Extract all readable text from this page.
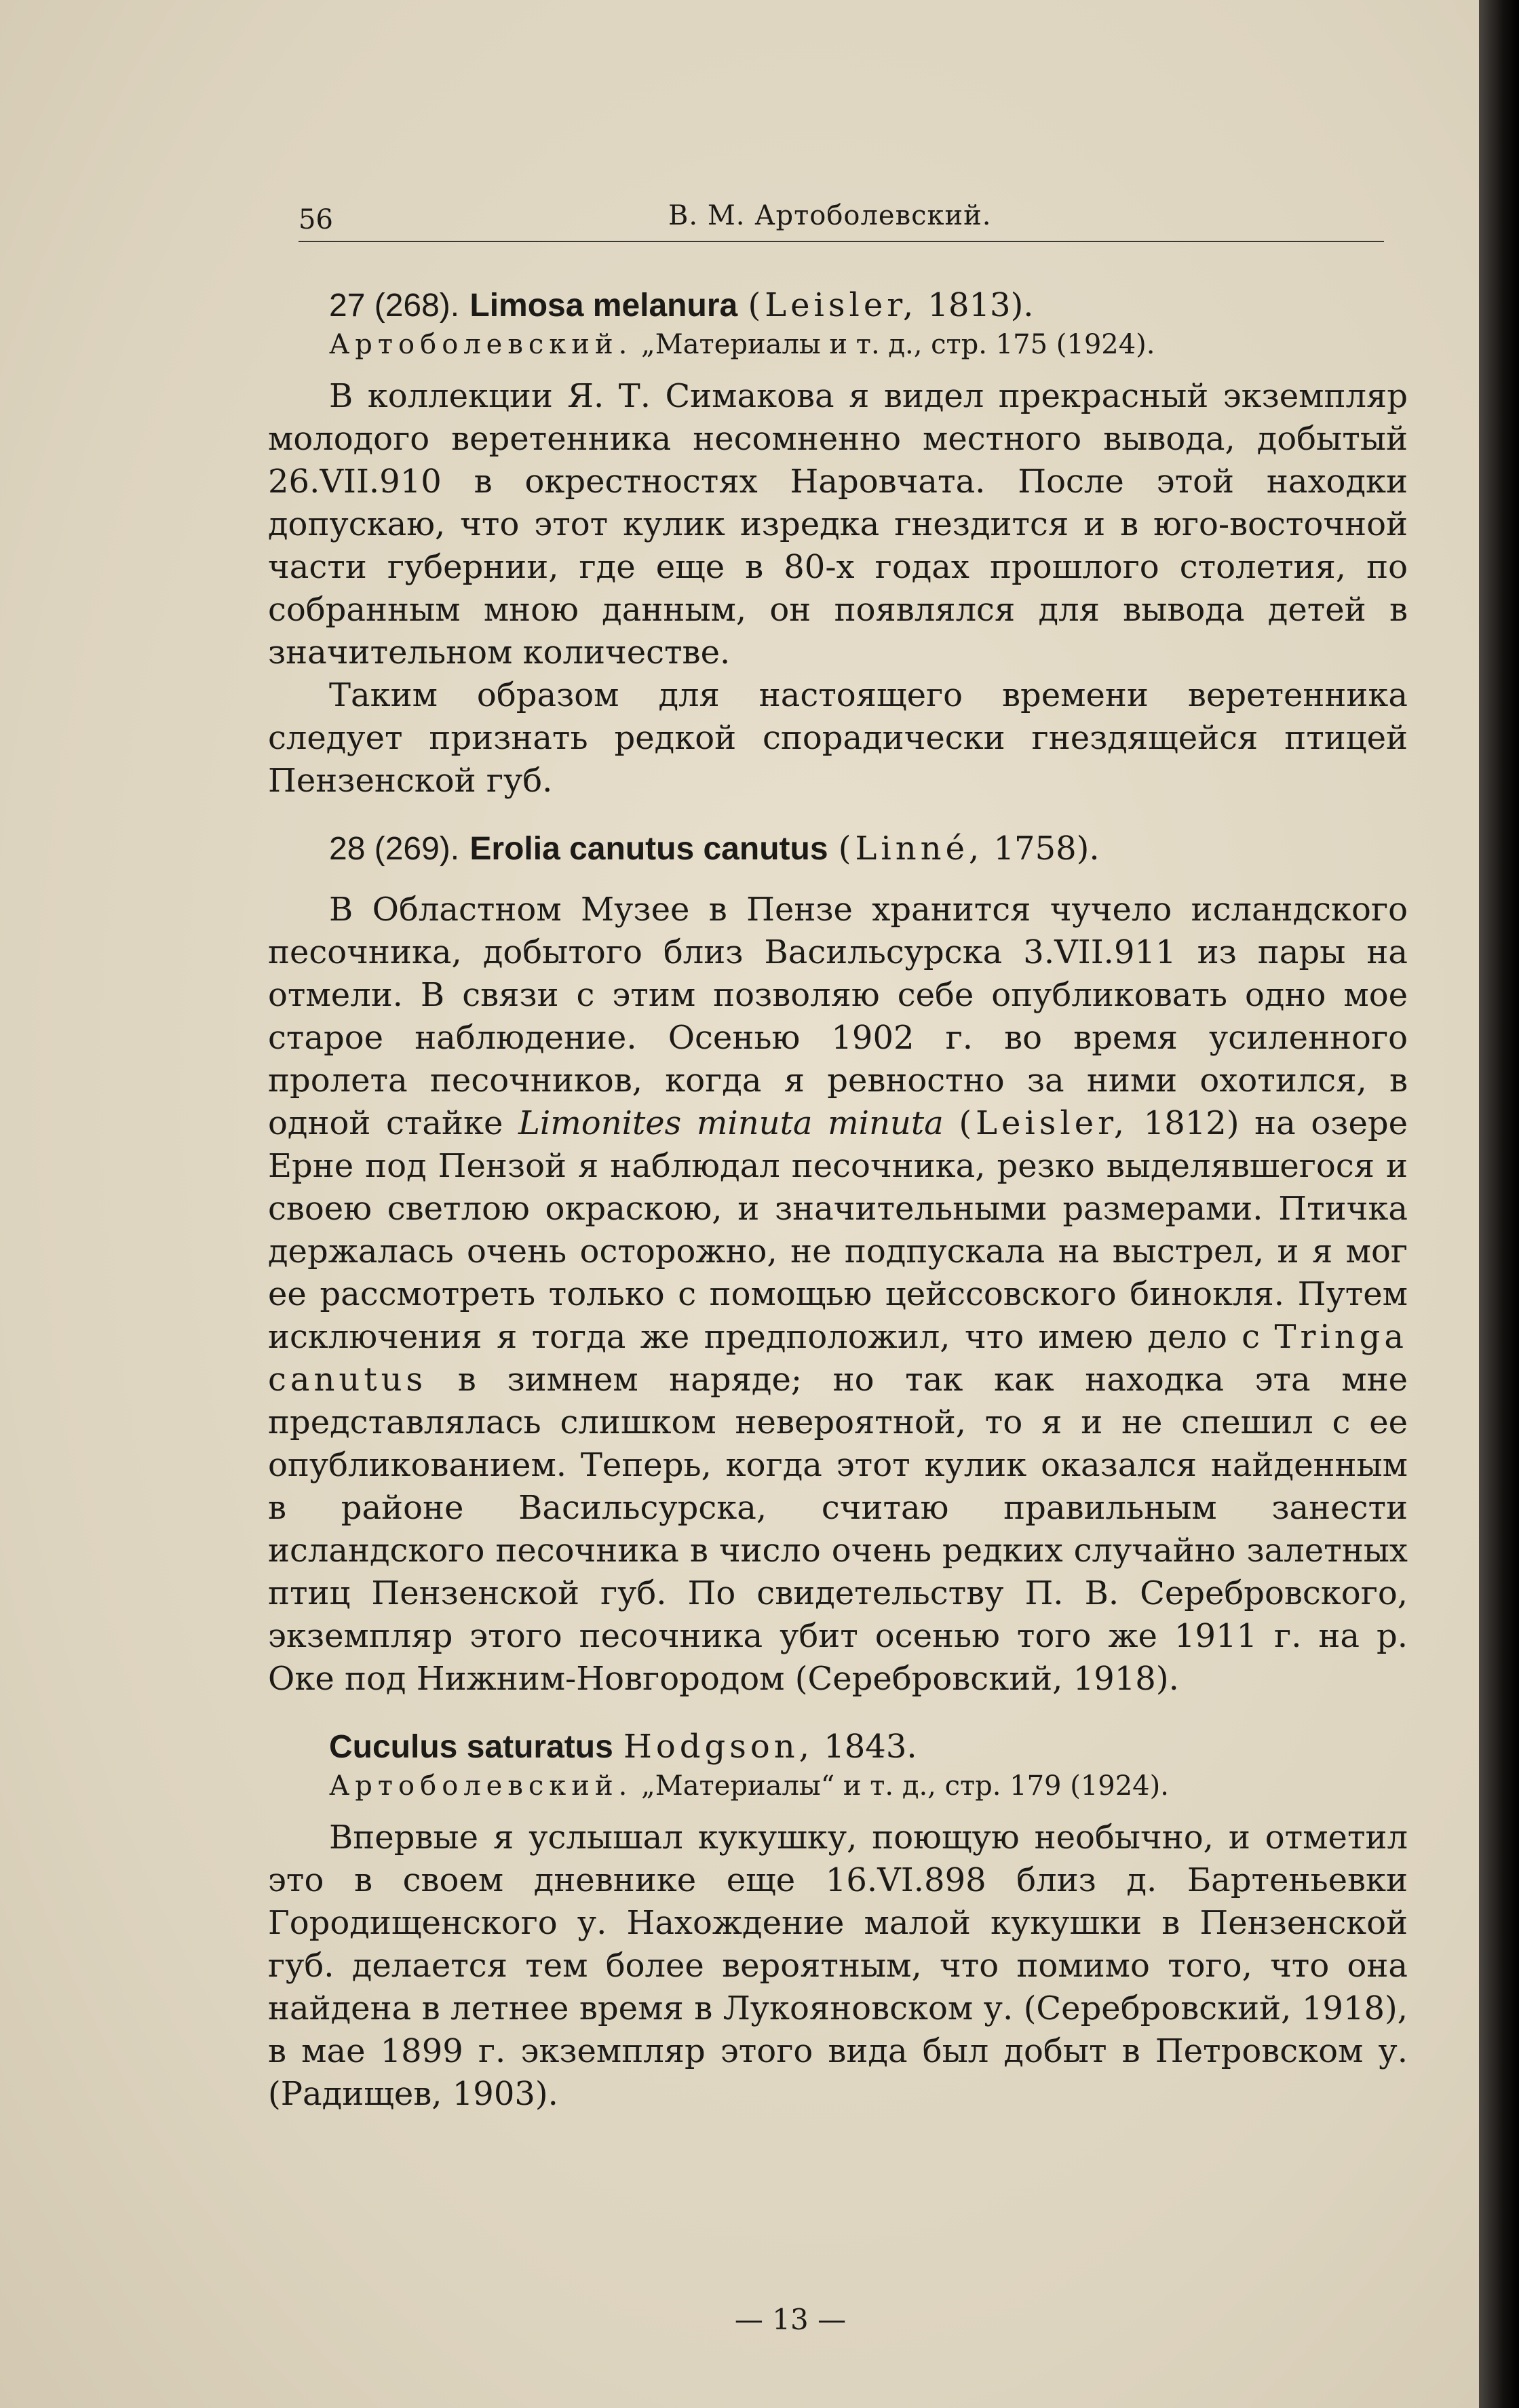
56	В. М. Артоболевский.

27 (268). Limosa melanura (Leisler, 1813).

Артоболевский. „Материалы и т. д., стр. 175 (1924).

В коллекции Я. Т. Симакова я видел прекрасный экземпляр молодого веретенника несомненно местного вывода, добытый 26.VII.910 в окрестностях Наровчата. После этой находки допускаю, что этот кулик изредка гнездится и в юго-восточной части губернии, где еще в 80-х годах прошлого столетия, по собранным мною данным, он появлялся для вывода детей в значительном количестве.

Таким образом для настоящего времени веретенника следует признать редкой спорадически гнездящейся птицей Пензенской губ.

28 (269). Erolia canutus canutus (Linné, 1758).

В Областном Музее в Пензе хранится чучело исландского песочника, добытого близ Васильсурска 3.VII.911 из пары на отмели. В связи с этим позволяю себе опубликовать одно мое старое наблюдение. Осенью 1902 г. во время усиленного пролета песочников, когда я ревностно за ними охотился, в одной стайке Limonites minuta minuta (Leisler, 1812) на озере Ерне под Пензой я наблюдал песочника, резко выделявшегося и своею светлою окраскою, и значительными размерами. Птичка держалась очень осторожно, не подпускала на выстрел, и я мог ее рассмотреть только с помощью цейссовского бинокля. Путем исключения я тогда же предположил, что имею дело с Tringa canutus в зимнем наряде; но так как находка эта мне представлялась слишком невероятной, то я и не спешил с ее опубликованием. Теперь, когда этот кулик оказался найденным в районе Васильсурска, считаю правильным занести исландского песочника в число очень редких случайно залетных птиц Пензенской губ. По свидетельству П. В. Серебровского, экземпляр этого песочника убит осенью того же 1911 г. на р. Оке под Нижним-Новгородом (Серебровский, 1918).

Cuculus saturatus Hodgson, 1843.

Артоболевский. „Материалы“ и т. д., стр. 179 (1924).

Впервые я услышал кукушку, поющую необычно, и отметил это в своем дневнике еще 16.VI.898 близ д. Бартеньевки Городищенского у. Нахождение малой кукушки в Пензенской губ. делается тем более вероятным, что помимо того, что она найдена в летнее время в Лукояновском у. (Серебровский, 1918), в мае 1899 г. экземпляр этого вида был добыт в Петровском у. (Радищев, 1903).

— 13 —
